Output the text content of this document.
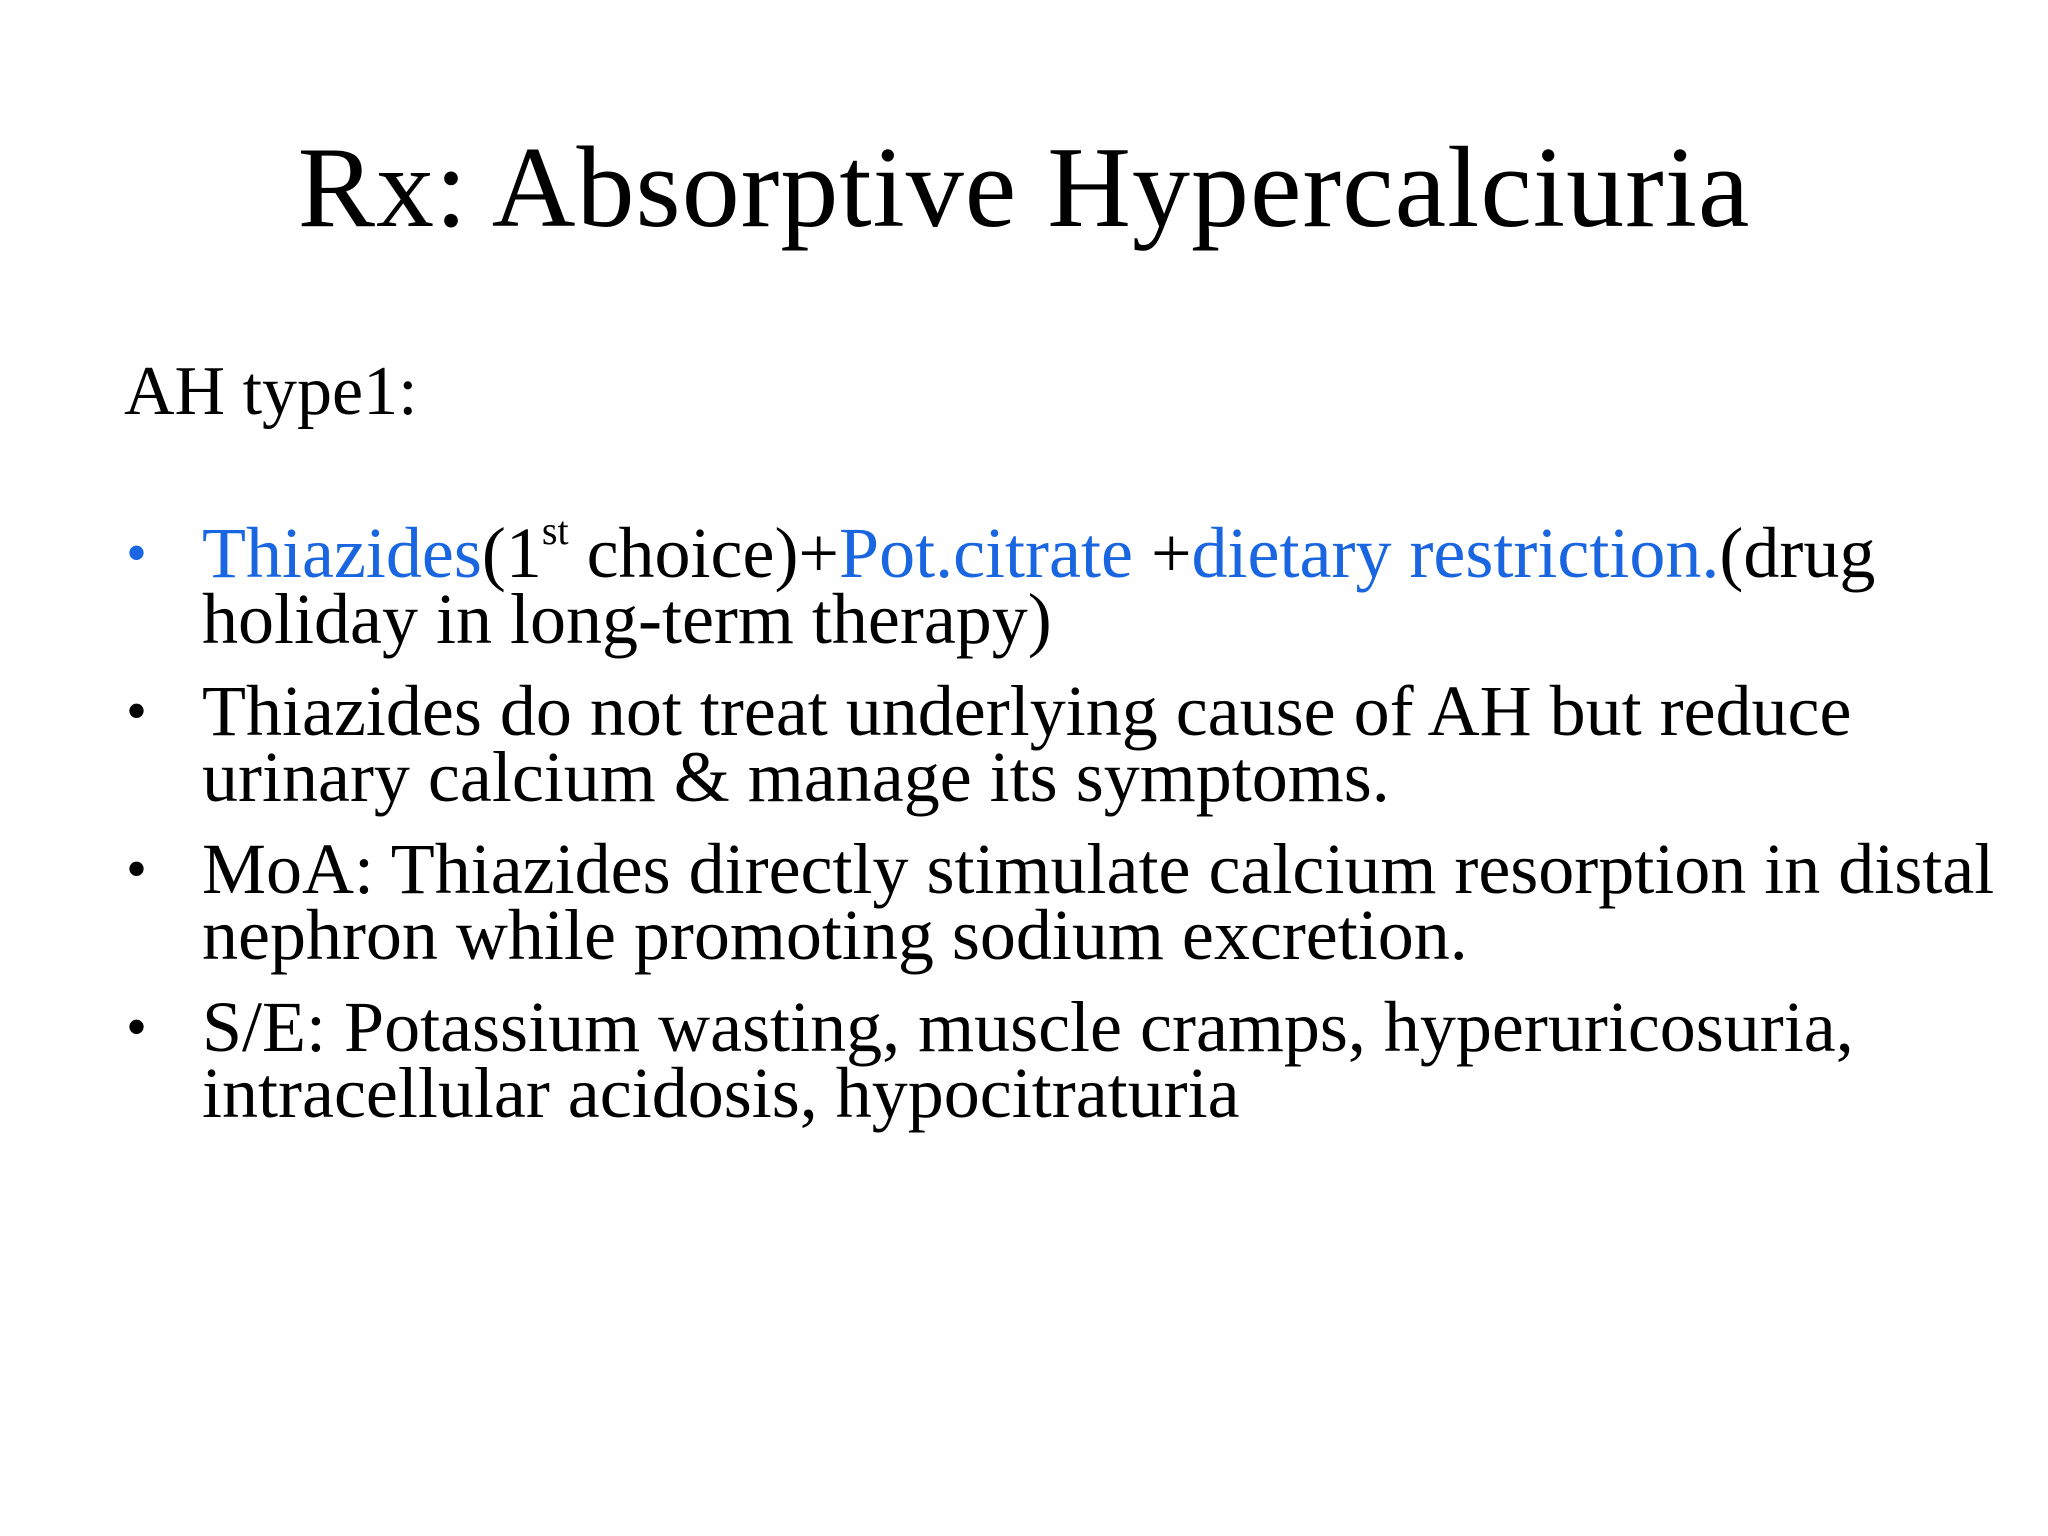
Rx: Absorptive Hypercalciuria
AH type1:
• Thiazides(1st choice)+Pot.citrate +dietary restriction.(drug holiday in long-term therapy)
• Thiazides do not treat underlying cause of AH but reduce urinary calcium & manage its symptoms.
• MoA: Thiazides directly stimulate calcium resorption in distal nephron while promoting sodium excretion.
• S/E: Potassium wasting, muscle cramps, hyperuricosuria, intracellular acidosis, hypocitraturia
